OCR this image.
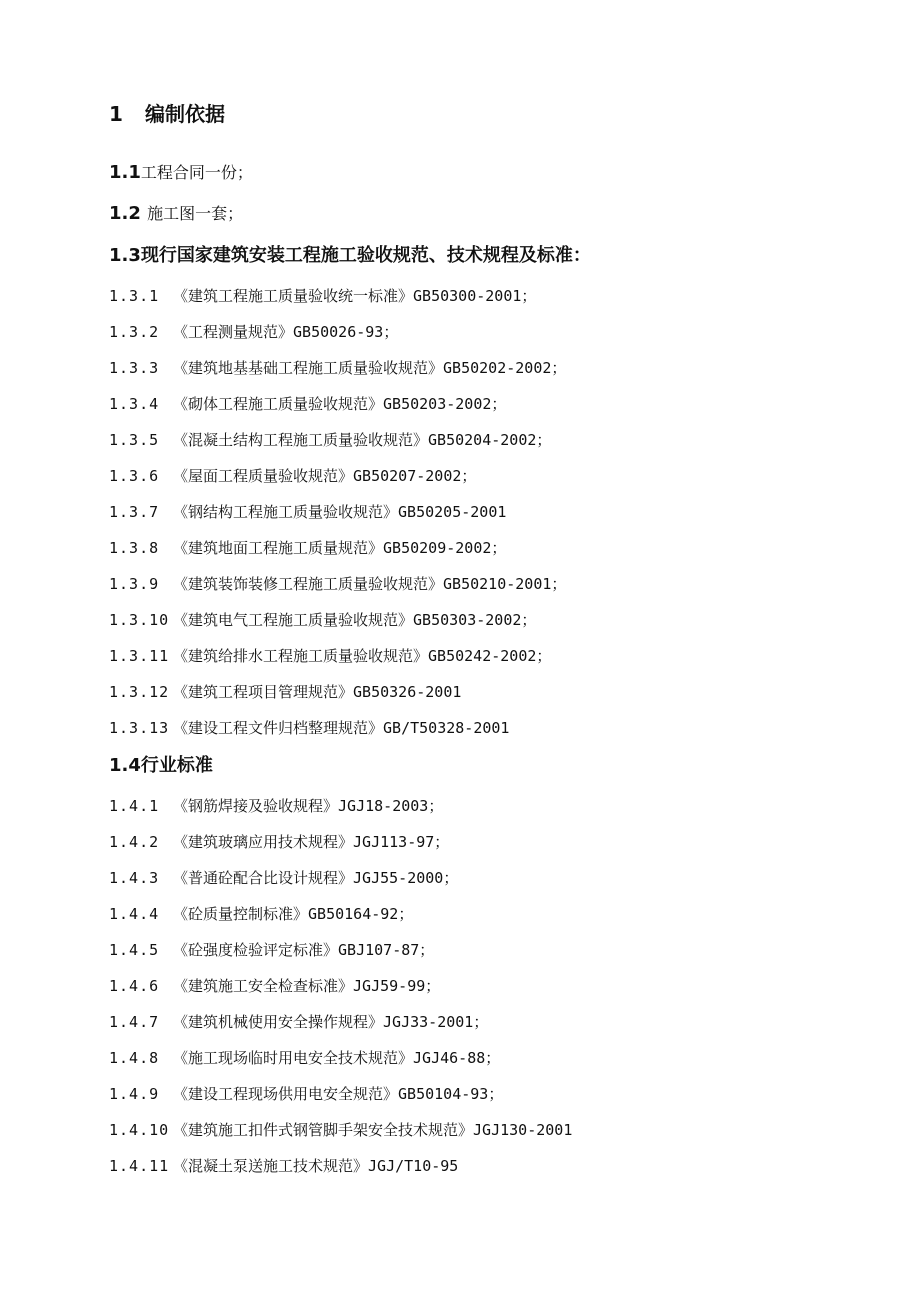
1 编制依据
1.1工程合同一份；
1.2 施工图一套；
1.3现行国家建筑安装工程施工验收规范、技术规程及标准：
1.3.1 《建筑工程施工质量验收统一标准》GB50300-2001；
1.3.2 《工程测量规范》GB50026-93；
1.3.3 《建筑地基基础工程施工质量验收规范》GB50202-2002；
1.3.4 《砌体工程施工质量验收规范》GB50203-2002；
1.3.5 《混凝土结构工程施工质量验收规范》GB50204-2002；
1.3.6 《屋面工程质量验收规范》GB50207-2002；
1.3.7 《钢结构工程施工质量验收规范》GB50205-2001
1.3.8 《建筑地面工程施工质量规范》GB50209-2002；
1.3.9 《建筑装饰装修工程施工质量验收规范》GB50210-2001；
1.3.10 《建筑电气工程施工质量验收规范》GB50303-2002；
1.3.11 《建筑给排水工程施工质量验收规范》GB50242-2002；
1.3.12 《建筑工程项目管理规范》GB50326-2001
1.3.13 《建设工程文件归档整理规范》GB/T50328-2001
1.4行业标准
1.4.1 《钢筋焊接及验收规程》JGJ18-2003；
1.4.2 《建筑玻璃应用技术规程》JGJ113-97；
1.4.3 《普通砼配合比设计规程》JGJ55-2000；
1.4.4 《砼质量控制标准》GB50164-92；
1.4.5 《砼强度检验评定标准》GBJ107-87；
1.4.6 《建筑施工安全检查标准》JGJ59-99；
1.4.7 《建筑机械使用安全操作规程》JGJ33-2001；
1.4.8 《施工现场临时用电安全技术规范》JGJ46-88；
1.4.9 《建设工程现场供用电安全规范》GB50104-93；
1.4.10 《建筑施工扣件式钢管脚手架安全技术规范》JGJ130-2001
1.4.11 《混凝土泵送施工技术规范》JGJ/T10-95
